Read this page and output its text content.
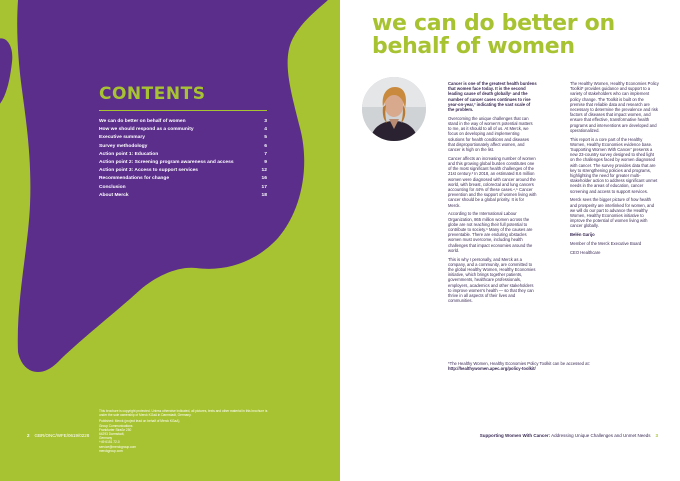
CONTENTS
We can do better on behalf of women	3
How we should respond as a community	4
Executive summary	5
Survey methodology	6
Action point 1: Education	7
Action point 2: Screening program awareness and access	9
Action point 3: Access to support services	12
Recommendations for change	16
Conclusion	17
About Merck	18

This brochure is copyright protected. Unless otherwise indicated, all pictures, texts and other material in this brochure is under the sole ownership of Merck KGaA in Darmstadt, Germany.

Published: Merck (project lead on behalf of Merck KGaA)
Group Communications
Frankfurter Straße 250
64293 Darmstadt,
Germany
+49 6151 72-0
service@merckgroup.com
merckgroup.com
2 GBR/ONC/WFE/0619/0228
we can do better on
behalf of women

Cancer is one of the greatest health burdens that women face today. It is the second leading cause of death globally¹ and the number of cancer cases continues to rise year-on-year,² indicating the vast scale of the problem.

Overcoming the unique challenges that can stand in the way of women's potential matters to me, as it should to all of us. At Merck, we focus on developing and implementing solutions for health conditions and diseases that disproportionately affect women, and cancer is high on the list.

Cancer affects an increasing number of women and this growing global burden constitutes one of the most significant health challenges of the 21st century.³ In 2018, an estimated 8.6 million women were diagnosed with cancer around the world, with breast, colorectal and lung cancers accounting for 44% of these cases.⁴,⁵ Cancer prevention and the support of women living with cancer should be a global priority. It is for Merck.

According to the International Labour Organization, 865 million women across the globe are not reaching their full potential to contribute to society.⁶ Many of the causes are preventable. There are enduring obstacles women must overcome, including health challenges that impact economies around the world.

This is why I personally, and Merck as a company, and a community, are committed to the global Healthy Women, Healthy Economies initiative, which brings together patients, governments, healthcare professionals, employers, academics and other stakeholders to improve women's health — so that they can thrive in all aspects of their lives and communities.

The Healthy Women, Healthy Economies Policy Toolkit* provides guidance and support to a variety of stakeholders who can implement policy change. The Toolkit is built on the premise that reliable data and research are necessary to determine the prevalence and risk factors of diseases that impact women, and ensure that effective, transformative health programs and interventions are developed and operationalized.

This report is a core part of the Healthy Women, Healthy Economies evidence base. 'Supporting Women With Cancer' presents a new 23-country survey designed to shed light on the challenges faced by women diagnosed with cancer. The survey provides data that are key to strengthening policies and programs, highlighting the need for greater multi-stakeholder action to address significant unmet needs in the areas of education, cancer screening and access to support services.

Merck sees the bigger picture of how health and prosperity are interlinked for women, and we will do our part to advance the Healthy Women, Healthy Economies initiative to improve the potential of women living with cancer globally.

Belén Garijo

Member of the Merck Executive Board

CEO Healthcare

*The Healthy Women, Healthy Economies Policy Toolkit can be accessed at:

http://healthywomen.apec.org/policy-toolkit/

Supporting Women With Cancer: Addressing Unique Challenges and Unmet Needs 3
